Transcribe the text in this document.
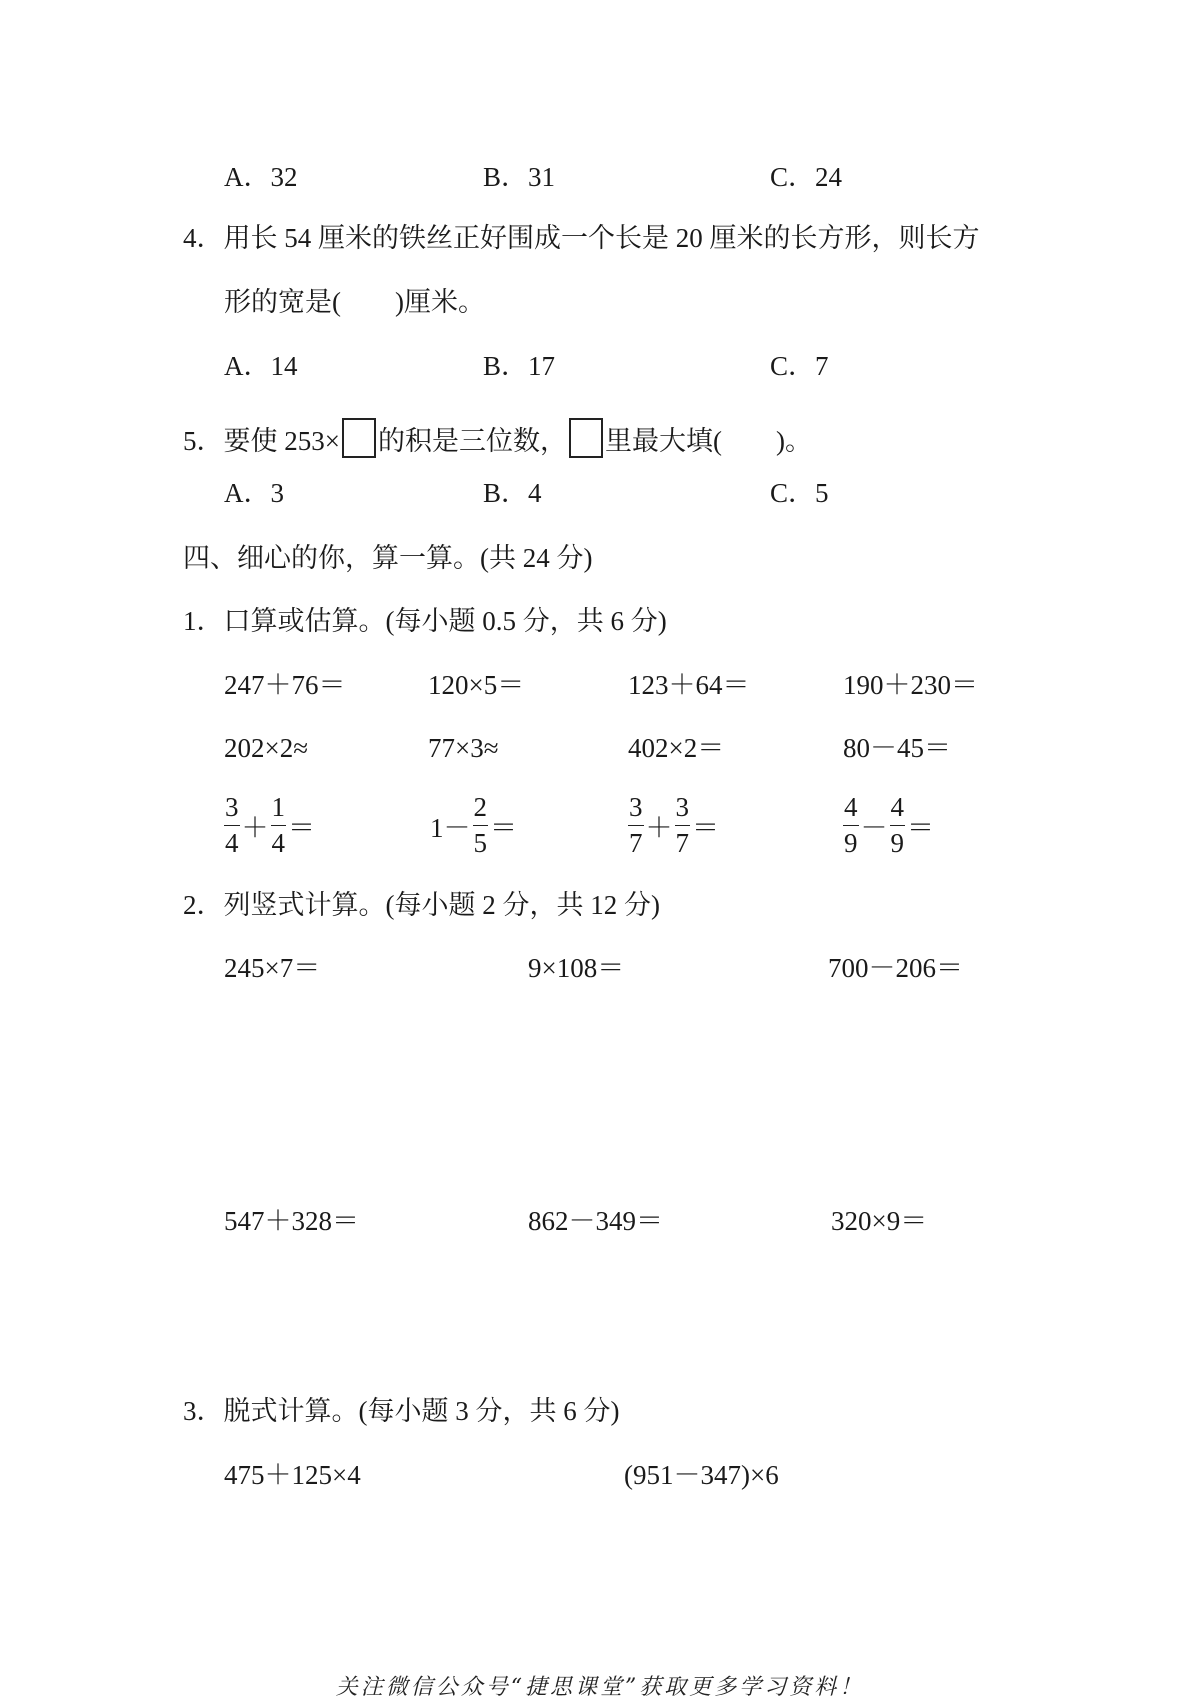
A．32	B．31	C．24
4．用长 54 厘米的铁丝正好围成一个长是 20 厘米的长方形，则长方
形的宽是(　　)厘米。
A．14	B．17	C．7
5．要使 253× 的积是三位数， 里最大填(　　)。
A．3	B．4	C．5
四、细心的你，算一算。(共 24 分)
1．口算或估算。(每小题 0.5 分，共 6 分)
247＋76＝	120×5＝	123＋64＝	190＋230＝
202×2≈	77×3≈	402×2＝	80－45＝
$\frac{3}{4} + \frac{1}{4}$ ＝	$1- \frac{2}{5}$ ＝	$\frac{3}{7} + \frac{3}{7}$ ＝	$\frac{4}{9} - \frac{4}{9}$ ＝
2．列竖式计算。(每小题 2 分，共 12 分)
245×7＝	9×108＝	700－206＝
547＋328＝	862－349＝	320×9＝
3．脱式计算。(每小题 3 分，共 6 分)
475＋125×4	(951－347)×6
关注微信公众号“捷思课堂”获取更多学习资料！
